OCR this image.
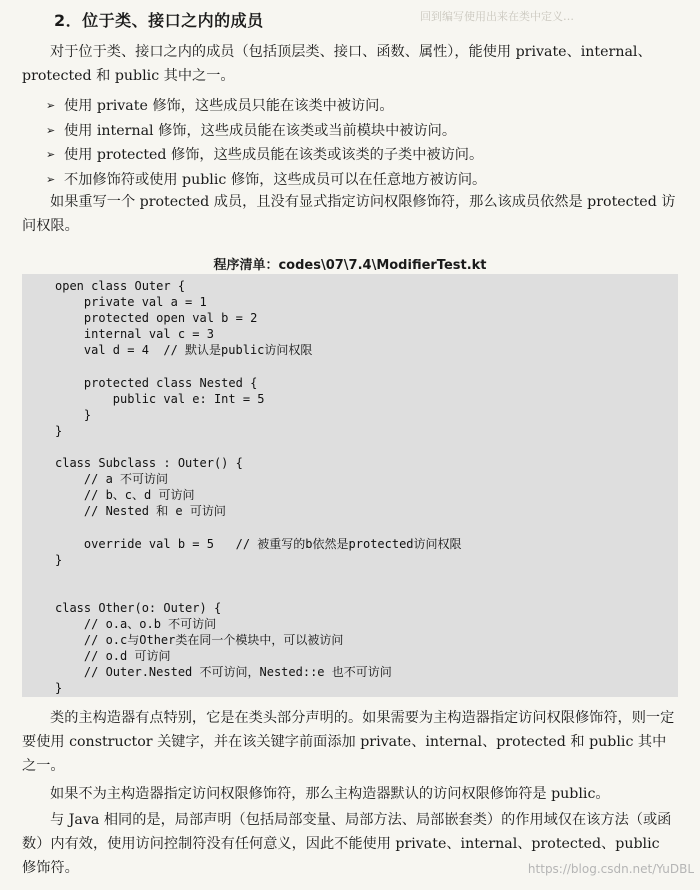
回到编写使用出来在类中定义…
2．位于类、接口之内的成员

对于位于类、接口之内的成员（包括顶层类、接口、函数、属性），能使用 private、internal、protected 和 public 其中之一。

➢ 使用 private 修饰，这些成员只能在该类中被访问。
➢ 使用 internal 修饰，这些成员能在该类或当前模块中被访问。
➢ 使用 protected 修饰，这些成员能在该类或该类的子类中被访问。
➢ 不加修饰符或使用 public 修饰，这些成员可以在任意地方被访问。

如果重写一个 protected 成员，且没有显式指定访问权限修饰符，那么该成员依然是 protected 访问权限。

程序清单：codes\07\7.4\ModifierTest.kt
open class Outer {
private val a = 1
protected open val b = 2
internal val c = 3
val d = 4  // 默认是public访问权限

protected class Nested {
public val e: Int = 5
}
}

class Subclass : Outer() {
// a 不可访问
// b、c、d 可访问
// Nested 和 e 可访问

override val b = 5   // 被重写的b依然是protected访问权限
}

class Other(o: Outer) {
// o.a、o.b 不可访问
// o.c与Other类在同一个模块中，可以被访问
// o.d 可访问
// Outer.Nested 不可访问，Nested::e 也不可访问
}

类的主构造器有点特别，它是在类头部分声明的。如果需要为主构造器指定访问权限修饰符，则一定要使用 constructor 关键字，并在该关键字前面添加 private、internal、protected 和 public 其中之一。

如果不为主构造器指定访问权限修饰符，那么主构造器默认的访问权限修饰符是 public。

与 Java 相同的是，局部声明（包括局部变量、局部方法、局部嵌套类）的作用域仅在该方法（或函数）内有效，使用访问控制符没有任何意义，因此不能使用 private、internal、protected、public 修饰符。	https://blog.csdn.net/YuDBL
